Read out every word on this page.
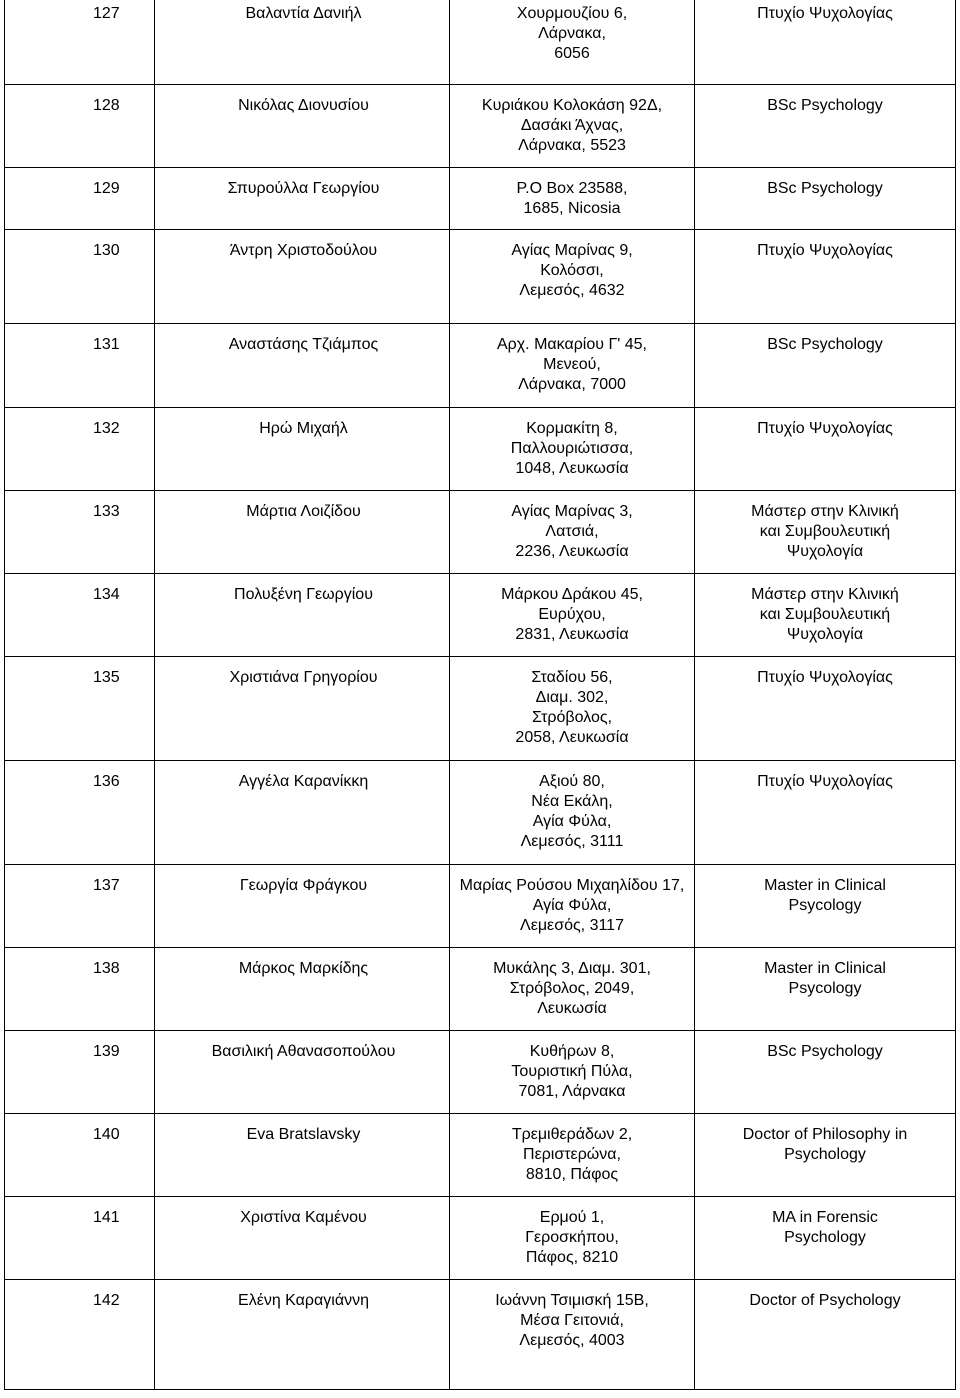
127	Βαλαντία Δανιήλ	Χουρμουζίου 6,
Λάρνακα,
6056	Πτυχίο Ψυχολογίας

128	Νικόλας Διονυσίου	Κυριάκου Κολοκάση 92Δ,
Δασάκι Άχνας,
Λάρνακα, 5523	BSc Psychology

129	Σπυρούλλα Γεωργίου	P.O Box 23588,
1685, Nicosia	BSc Psychology

130	Άντρη Χριστοδούλου	Αγίας Μαρίνας 9,
Κολόσσι,
Λεμεσός, 4632	Πτυχίο Ψυχολογίας

131	Αναστάσης Τζιάμπος	Αρχ. Μακαρίου Γ' 45,
Μενεού,
Λάρνακα, 7000	BSc Psychology

132	Ηρώ Μιχαήλ	Κορμακίτη 8,
Παλλουριώτισσα,
1048, Λευκωσία	Πτυχίο Ψυχολογίας

133	Μάρτια Λοιζίδου	Αγίας Μαρίνας 3,
Λατσιά,
2236, Λευκωσία	Μάστερ στην Κλινική
και Συμβουλευτική
Ψυχολογία

134	Πολυξένη Γεωργίου	Μάρκου Δράκου 45,
Ευρύχου,
2831, Λευκωσία	Μάστερ στην Κλινική
και Συμβουλευτική
Ψυχολογία

135	Χριστιάνα Γρηγορίου	Σταδίου 56,
Διαμ. 302,
Στρόβολος,
2058, Λευκωσία	Πτυχίο Ψυχολογίας

136	Αγγέλα Καρανίκκη	Αξιού 80,
Νέα Εκάλη,
Αγία Φύλα,
Λεμεσός, 3111	Πτυχίο Ψυχολογίας

137	Γεωργία Φράγκου	Μαρίας Ρούσου Μιχαηλίδου 17,
Αγία Φύλα,
Λεμεσός, 3117	Master in Clinical
Psycology

138	Μάρκος Μαρκίδης	Μυκάλης 3, Διαμ. 301,
Στρόβολος, 2049,
Λευκωσία	Master in Clinical
Psycology

139	Βασιλική Αθανασοπούλου	Κυθήρων 8,
Τουριστική Πύλα,
7081, Λάρνακα	BSc Psychology

140	Eva Bratslavsky	Τρεμιθεράδων 2,
Περιστερώνα,
8810, Πάφος	Doctor of Philosophy in
Psychology

141	Χριστίνα Καμένου	Ερμού 1,
Γεροσκήπου,
Πάφος, 8210	MA in Forensic
Psychology

142	Ελένη Καραγιάννη	Ιωάννη Τσιμισκή 15Β,
Μέσα Γειτονιά,
Λεμεσός, 4003	Doctor of Psychology
